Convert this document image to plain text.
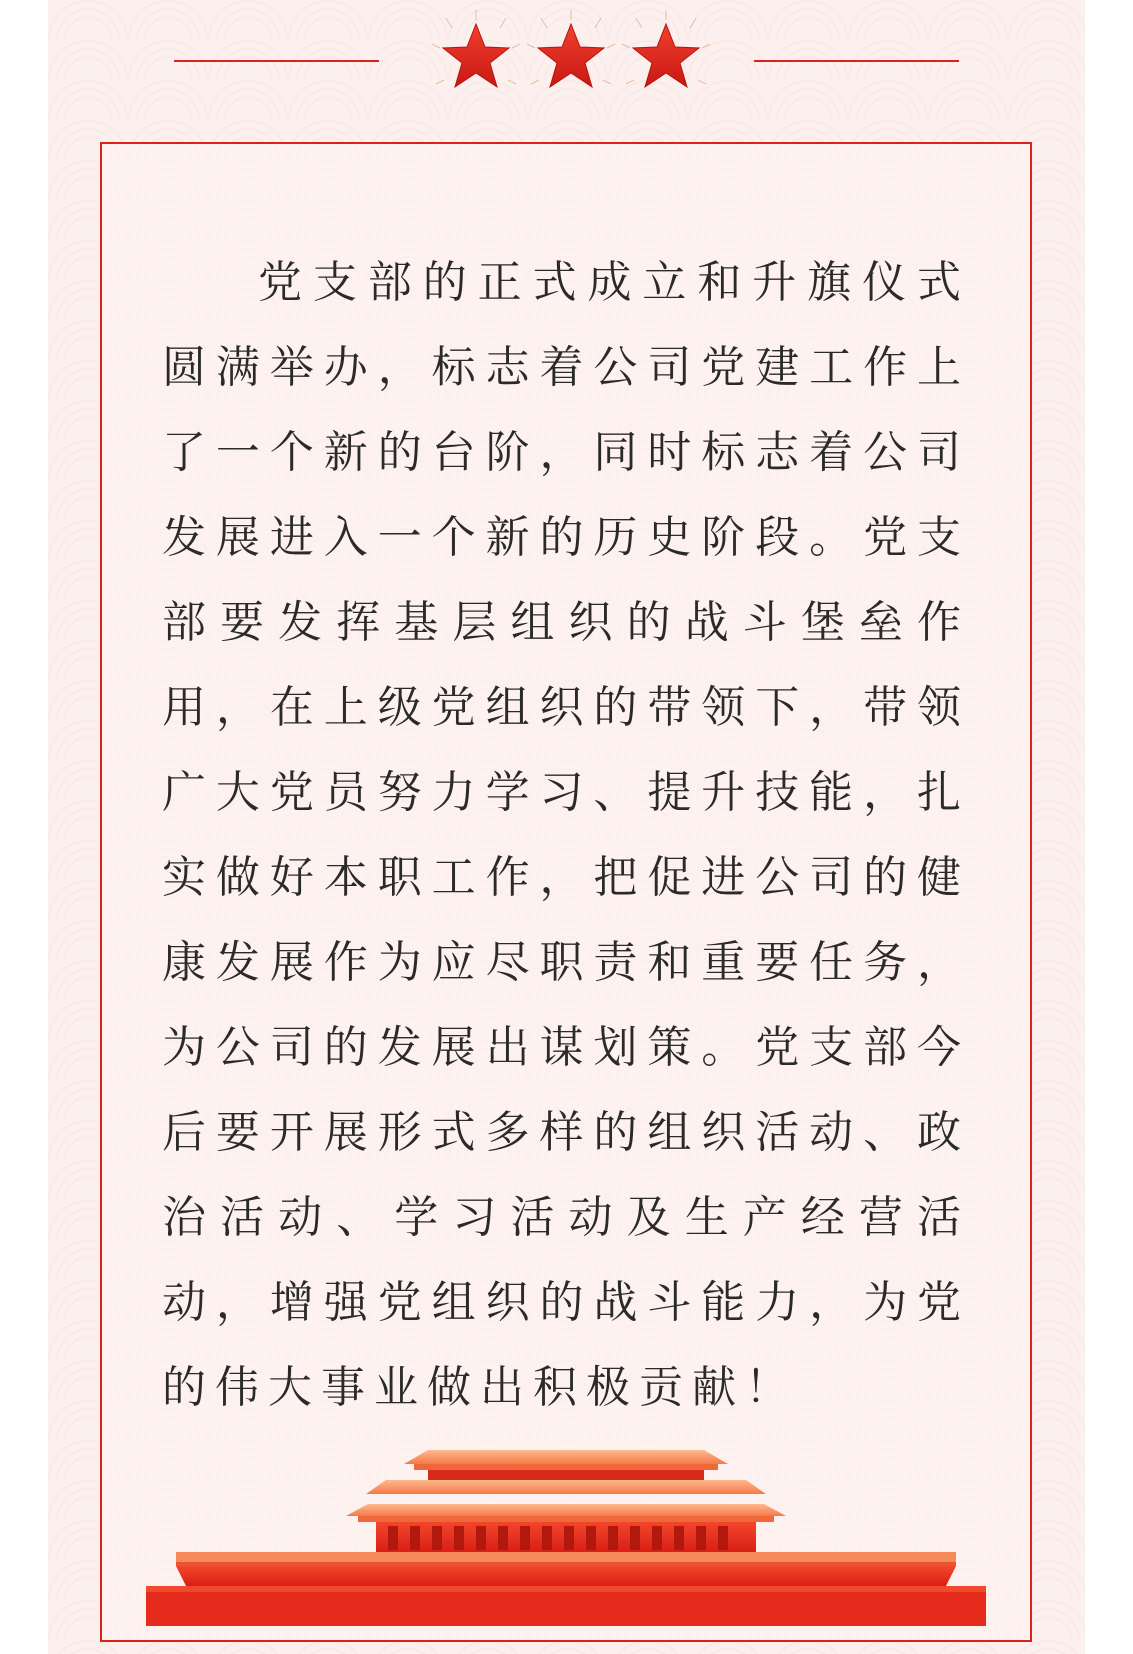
党支部的正式成立和升旗仪式圆满举办，标志着公司党建工作上了一个新的台阶，同时标志着公司发展进入一个新的历史阶段。党支部要发挥基层组织的战斗堡垒作用，在上级党组织的带领下，带领广大党员努力学习、提升技能，扎实做好本职工作，把促进公司的健康发展作为应尽职责和重要任务，为公司的发展出谋划策。党支部今后要开展形式多样的组织活动、政治活动、学习活动及生产经营活动，增强党组织的战斗能力，为党的伟大事业做出积极贡献！
